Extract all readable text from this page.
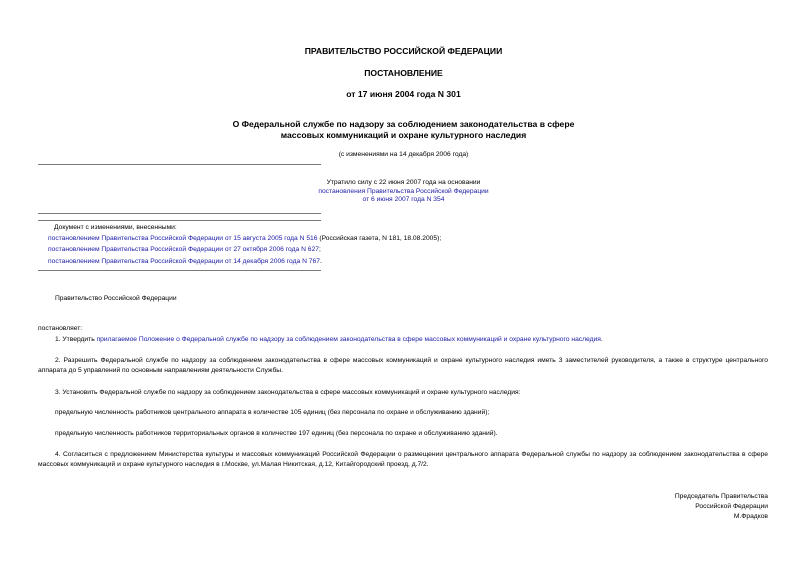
ПРАВИТЕЛЬСТВО РОССИЙСКОЙ ФЕДЕРАЦИИ
ПОСТАНОВЛЕНИЕ
от 17 июня 2004 года N 301
О Федеральной службе по надзору за соблюдением законодательства в сфере
массовых коммуникаций и охране культурного наследия
(с изменениями на 14 декабря 2006 года)
Утратило силу с 22 июня 2007 года на основании
постановления Правительства Российской Федерации
от 6 июня 2007 года N 354
Документ с изменениями, внесенными:
постановлением Правительства Российской Федерации от 15 августа 2005 года N 516 (Российская газета, N 181, 18.08.2005);
постановлением Правительства Российской Федерации от 27 октября 2006 года N 627;
постановлением Правительства Российской Федерации от 14 декабря 2006 года N 767.
Правительство Российской Федерации
постановляет:
1. Утвердить прилагаемое Положение о Федеральной службе по надзору за соблюдением законодательства в сфере массовых коммуникаций и охране культурного наследия.
2. Разрешить Федеральной службе по надзору за соблюдением законодательства в сфере массовых коммуникаций и охране культурного наследия иметь 3 заместителей руководителя, а также в структуре центрального аппарата до 5 управлений по основным направлениям деятельности Службы.
3. Установить Федеральной службе по надзору за соблюдением законодательства в сфере массовых коммуникаций и охране культурного наследия:
предельную численность работников центрального аппарата в количестве 105 единиц (без персонала по охране и обслуживанию зданий);
предельную численность работников территориальных органов в количестве 197 единиц (без персонала по охране и обслуживанию зданий).
4. Согласиться с предложением Министерства культуры и массовых коммуникаций Российской Федерации о размещении центрального аппарата Федеральной службы по надзору за соблюдением законодательства в сфере массовых коммуникаций и охране культурного наследия в г.Москве, ул.Малая Никитская, д.12, Китайгородский проезд, д.7/2.
Председатель Правительства
Российской Федерации
М.Фрадков
